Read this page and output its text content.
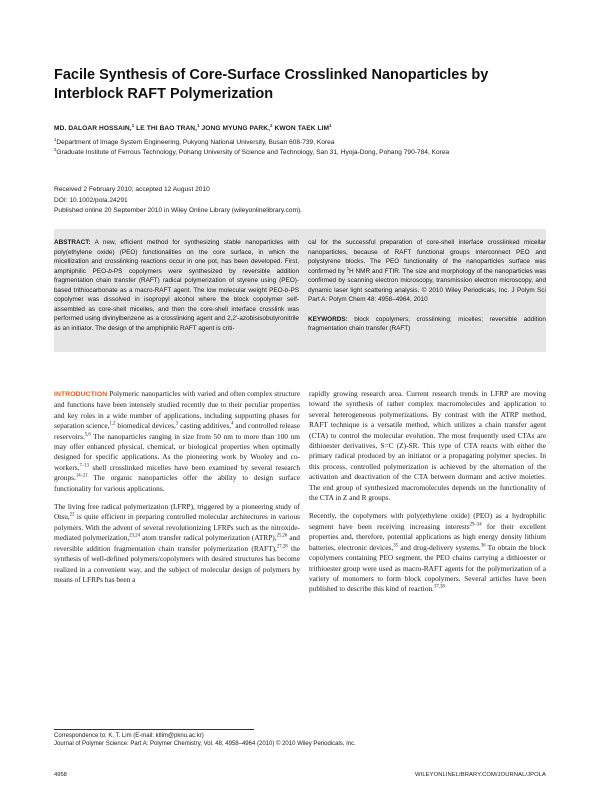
Facile Synthesis of Core-Surface Crosslinked Nanoparticles by Interblock RAFT Polymerization
MD. DALOAR HOSSAIN,$^1$ LE THI BAO TRAN,$^1$ JONG MYUNG PARK,$^2$ KWON TAEK LIM$^1$

$^1$Department of Image System Engineering, Pukyong National University, Busan 608-739, Korea

$^2$Graduate Institute of Ferrous Technology, Pohang University of Science and Technology, San 31, Hyoja-Dong, Pohang 790-784, Korea

Received 2 February 2010; accepted 12 August 2010

DOI: 10.1002/pola.24291

Published online 20 September 2010 in Wiley Online Library (wileyonlinelibrary.com).

ABSTRACT: A new, efficient method for synthesizing stable nanoparticles with poly(ethylene oxide) (PEO) functionalities on the core surface, in which the micellization and crosslinking reactions occur in one pot, has been developed. First, amphiphilic PEO-b-PS copolymers were synthesized by reversible addition fragmentation chain transfer (RAFT) radical polymerization of styrene using (PEO)-based trithiocarbonate as a macro-RAFT agent. The low molecular weight PEO-b-PS copolymer was dissolved in isopropyl alcohol where the block copolymer self-assembled as core-shell micelles, and then the core-shell interface crosslink was performed using divinylbenzene as a crosslinking agent and 2,2′-azobisisobutyronitrile as an initiator. The design of the amphiphilic RAFT agent is criti-

cal for the successful preparation of core-shell interface crosslinked micellar nanoparticles, because of RAFT functional groups interconnect PEO and polystyrene blocks. The PEO functionality of the nanoparticles surface was confirmed by $^1$H NMR and FTIR. The size and morphology of the nanoparticles was confirmed by scanning electron microscopy, transmission electron microscopy, and dynamic laser light scattering analysis. © 2010 Wiley Periodicals, Inc. J Polym Sci Part A: Polym Chem 48: 4958–4964, 2010

KEYWORDS: block copolymers; crosslinking; micelles; reversible addition fragmentation chain transfer (RAFT)

INTRODUCTION Polymeric nanoparticles with varied and often complex structure and functions have been intensely studied recently due to their peculiar properties and key roles in a wide number of applications, including supporting phases for separation science,$^{1,2}$ biomedical devices,$^3$ casting additives,$^4$ and controlled release reservoirs.$^{5,6}$ The nanoparticles ranging in size from 50 nm to more than 100 nm may offer enhanced physical, chemical, or biological properties when optimally designed for specific applications. As the pioneering work by Wooley and co-workers,$^{7-13}$ shell crosslinked micelles have been examined by several research groups.$^{14-21}$ The organic nanoparticles offer the ability to design surface functionality for various applications.

The living free radical polymerization (LFRP), triggered by a pioneering study of Otsu,$^{22}$ is quite efficient in preparing controlled molecular architectures in various polymers. With the advent of several revolutionizing LFRPs such as the nitroxide-mediated polymerization,$^{23,24}$ atom transfer radical polymerization (ATRP),$^{25,26}$ and reversible addition fragmentation chain transfer polymerization (RAFT),$^{27,28}$ the synthesis of well-defined polymers/copolymers with desired structures has become realized in a convenient way, and the subject of molecular design of polymers by means of LFRPs has been a

rapidly growing research area. Current research trends in LFRP are moving toward the synthesis of rather complex macromolecules and application to several heterogeneous polymerizations. By contrast with the ATRP method, RAFT technique is a versatile method, which utilizes a chain transfer agent (CTA) to control the molecular evolution. The most frequently used CTAs are dithioester derivatives, S=C (Z)-SR. This type of CTA reacts with either the primary radical produced by an initiator or a propagating polymer species. In this process, controlled polymerization is achieved by the alternation of the activation and deactivation of the CTA between dormant and active moieties. The end group of synthesized macromolecules depends on the functionality of the CTA in Z and R groups.

Recently, the copolymers with poly(ethylene oxide) (PEO) as a hydrophilic segment have been receiving increasing interests$^{29-34}$ for their excellent properties and, therefore, potential applications as high energy density lithium batteries, electronic devices,$^{35}$ and drug-delivery systems.$^{36}$ To obtain the block copolymers containing PEO segment, the PEO chains carrying a dithioester or trithioester group were used as macro-RAFT agents for the polymerization of a variety of monomers to form block copolymers. Several articles have been published to describe this kind of reaction.$^{37,38}$

Correspondence to: K. T. Lim (E-mail: ktlim@pknu.ac.kr)

Journal of Polymer Science: Part A: Polymer Chemistry, Vol. 48, 4958–4964 (2010) © 2010 Wiley Periodicals, Inc.

4958	WILEYONLINELIBRARY.COM/JOURNAL/JPOLA
